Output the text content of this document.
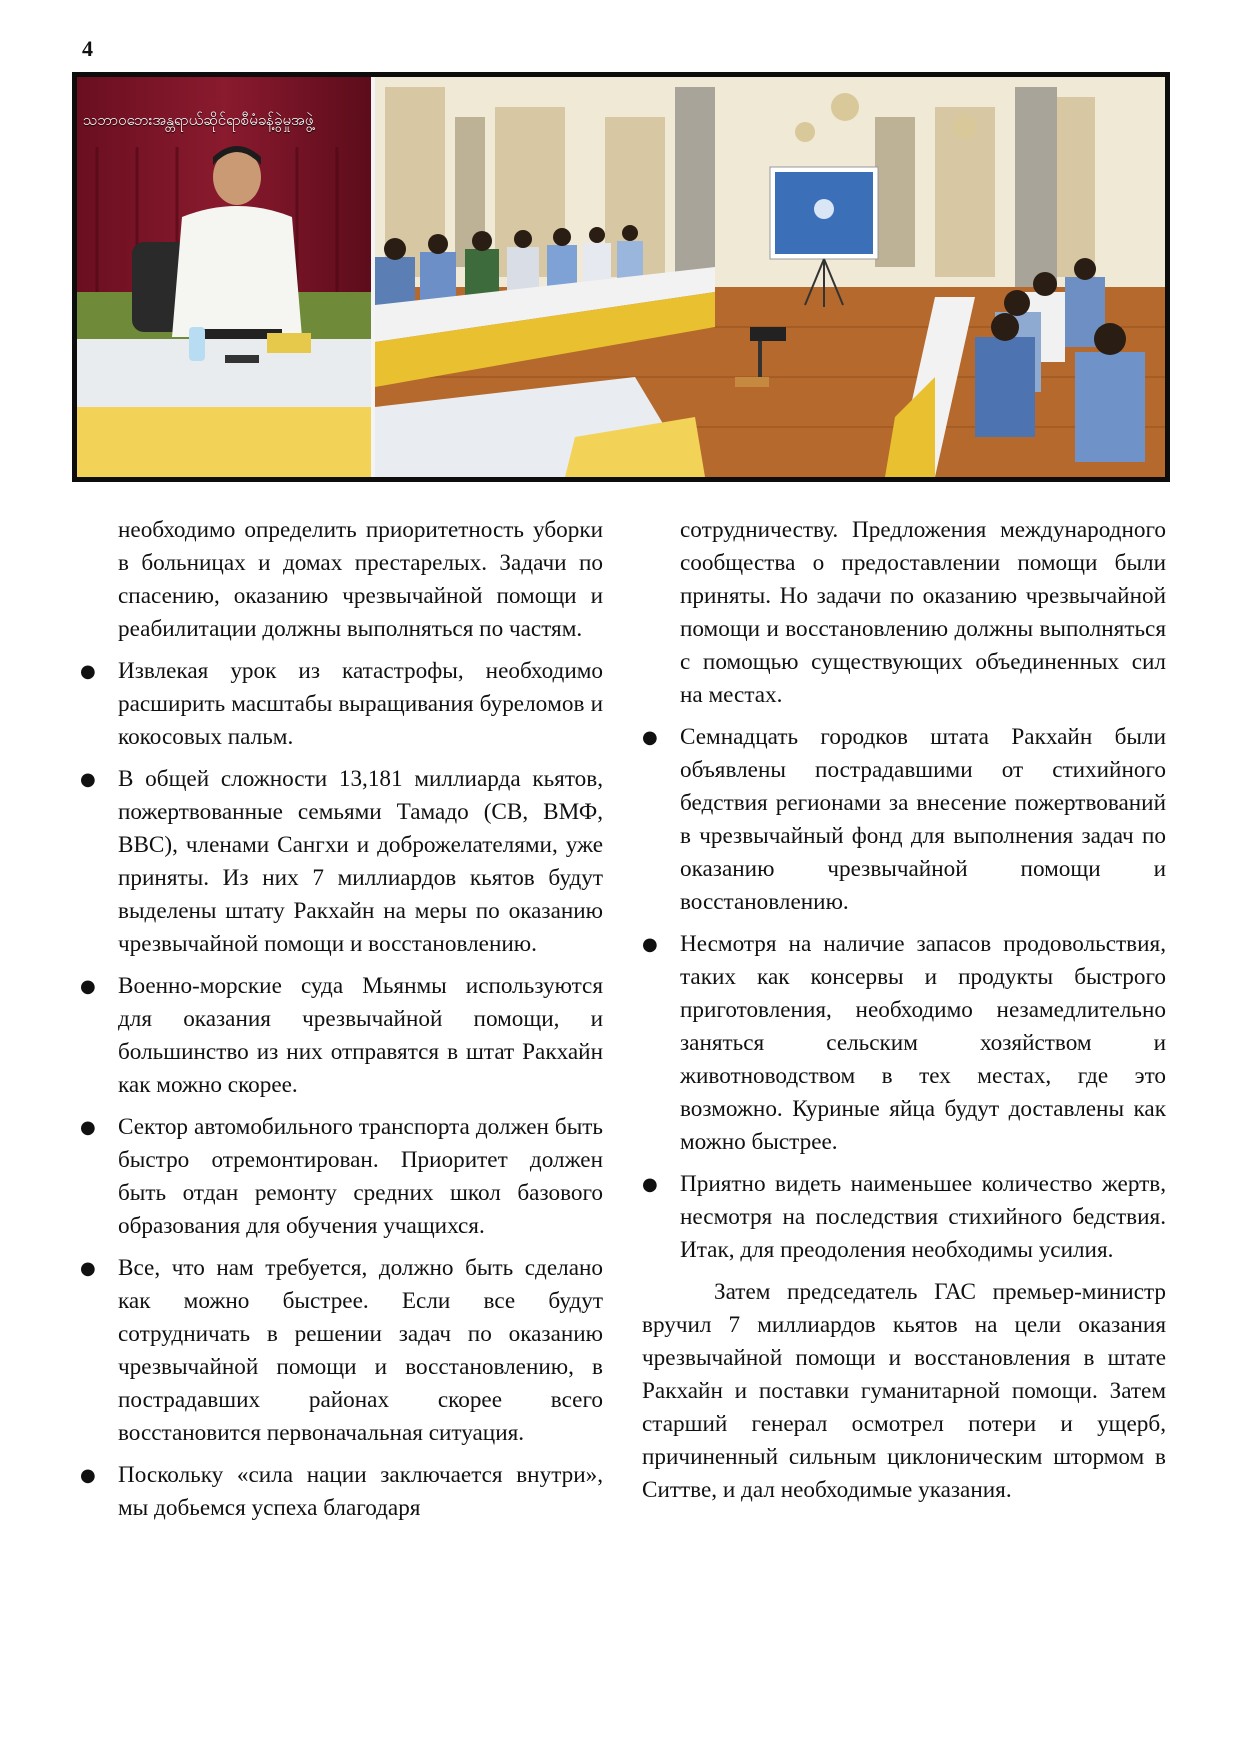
4
သဘာဝဘေးအန္တရာယ်ဆိုင်ရာစီမံခန့်ခွဲမှုအဖွဲ့

необходимо определить приоритетность уборки в больницах и домах престарелых. Задачи по спасению, оказанию чрезвычайной помощи и реабилитации должны выполняться по частям.

● Извлекая урок из катастрофы, необходимо расширить масштабы выращивания бурелoмов и кокосовых пальм.
● В общей сложности 13,181 миллиарда кьятов, пожертвованные семьями Тамадо (СВ, ВМФ, ВВС), членами Сангхи и доброжелателями, уже приняты. Из них 7 миллиардов кьятов будут выделены штату Ракхайн на меры по оказанию чрезвычайной помощи и восстановлению.
● Военно-морские суда Мьянмы используются для оказания чрезвычайной помощи, и большинство из них отправятся в штат Ракхайн как можно скорее.
● Сектор автомобильного транспорта должен быть быстро отремонтирован. Приоритет должен быть отдан ремонту средних школ базового образования для обучения учащихся.
● Все, что нам требуется, должно быть сделано как можно быстрее. Если все будут сотрудничать в решении задач по оказанию чрезвычайной помощи и восстановлению, в пострадавших районах скорее всего восстановится первоначальная ситуация.
● Поскольку «сила нации заключается внутри», мы добьемся успеха благодаря

сотрудничеству. Предложения международного сообщества о предоставлении помощи были приняты. Но задачи по оказанию чрезвычайной помощи и восстановлению должны выполняться с помощью существующих объединенных сил на местах.

● Семнадцать городков штата Ракхайн были объявлены пострадавшими от стихийного бедствия регионами за внесение пожертвований в чрезвычайный фонд для выполнения задач по оказанию чрезвычайной помощи и восстановлению.
● Несмотря на наличие запасов продовольствия, таких как консервы и продукты быстрого приготовления, необходимо незамедлительно заняться сельским хозяйством и животноводством в тех местах, где это возможно. Куриные яйца будут доставлены как можно быстрее.
● Приятно видеть наименьшее количество жертв, несмотря на последствия стихийного бедствия. Итак, для преодоления необходимы усилия.

Затем председатель ГАС премьер-министр вручил 7 миллиардов кьятов на цели оказания чрезвычайной помощи и восстановления в штате Ракхайн и поставки гуманитарной помощи. Затем старший генерал осмотрел потери и ущерб, причиненный сильным циклоническим штормом в Ситтве, и дал необходимые указания.
